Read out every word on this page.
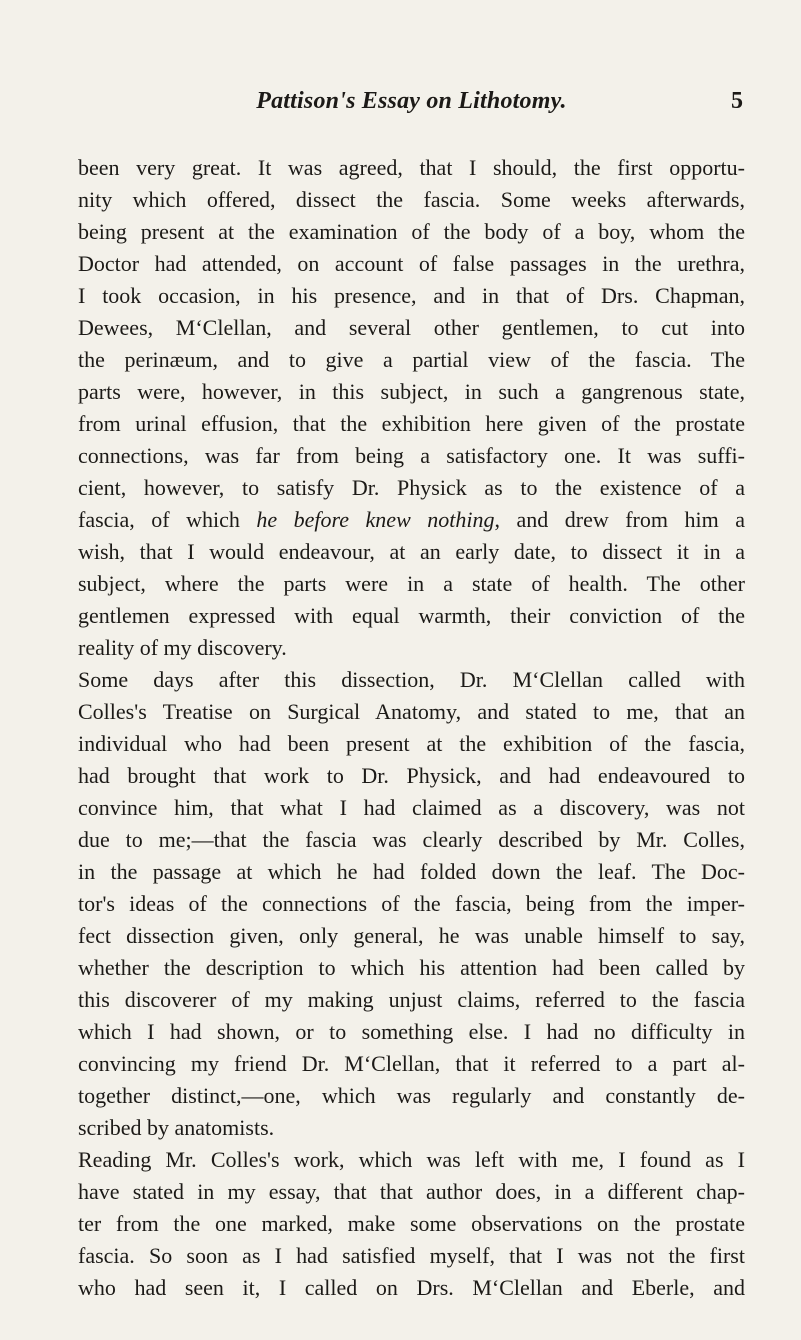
Pattison's Essay on Lithotomy.	5

been very great. It was agreed, that I should, the first opportu-
nity which offered, dissect the fascia. Some weeks afterwards,
being present at the examination of the body of a boy, whom the
Doctor had attended, on account of false passages in the urethra,
I took occasion, in his presence, and in that of Drs. Chapman,
Dewees, M‘Clellan, and several other gentlemen, to cut into
the perinæum, and to give a partial view of the fascia. The
parts were, however, in this subject, in such a gangrenous state,
from urinal effusion, that the exhibition here given of the prostate
connections, was far from being a satisfactory one. It was suffi-
cient, however, to satisfy Dr. Physick as to the existence of a
fascia, of which he before knew nothing, and drew from him a
wish, that I would endeavour, at an early date, to dissect it in a
subject, where the parts were in a state of health. The other
gentlemen expressed with equal warmth, their conviction of the
reality of my discovery.

Some days after this dissection, Dr. M‘Clellan called with
Colles's Treatise on Surgical Anatomy, and stated to me, that an
individual who had been present at the exhibition of the fascia,
had brought that work to Dr. Physick, and had endeavoured to
convince him, that what I had claimed as a discovery, was not
due to me;—that the fascia was clearly described by Mr. Colles,
in the passage at which he had folded down the leaf. The Doc-
tor's ideas of the connections of the fascia, being from the imper-
fect dissection given, only general, he was unable himself to say,
whether the description to which his attention had been called by
this discoverer of my making unjust claims, referred to the fascia
which I had shown, or to something else. I had no difficulty in
convincing my friend Dr. M‘Clellan, that it referred to a part al-
together distinct,—one, which was regularly and constantly de-
scribed by anatomists.

Reading Mr. Colles's work, which was left with me, I found as I
have stated in my essay, that that author does, in a different chap-
ter from the one marked, make some observations on the prostate
fascia. So soon as I had satisfied myself, that I was not the first
who had seen it, I called on Drs. M‘Clellan and Eberle, and
